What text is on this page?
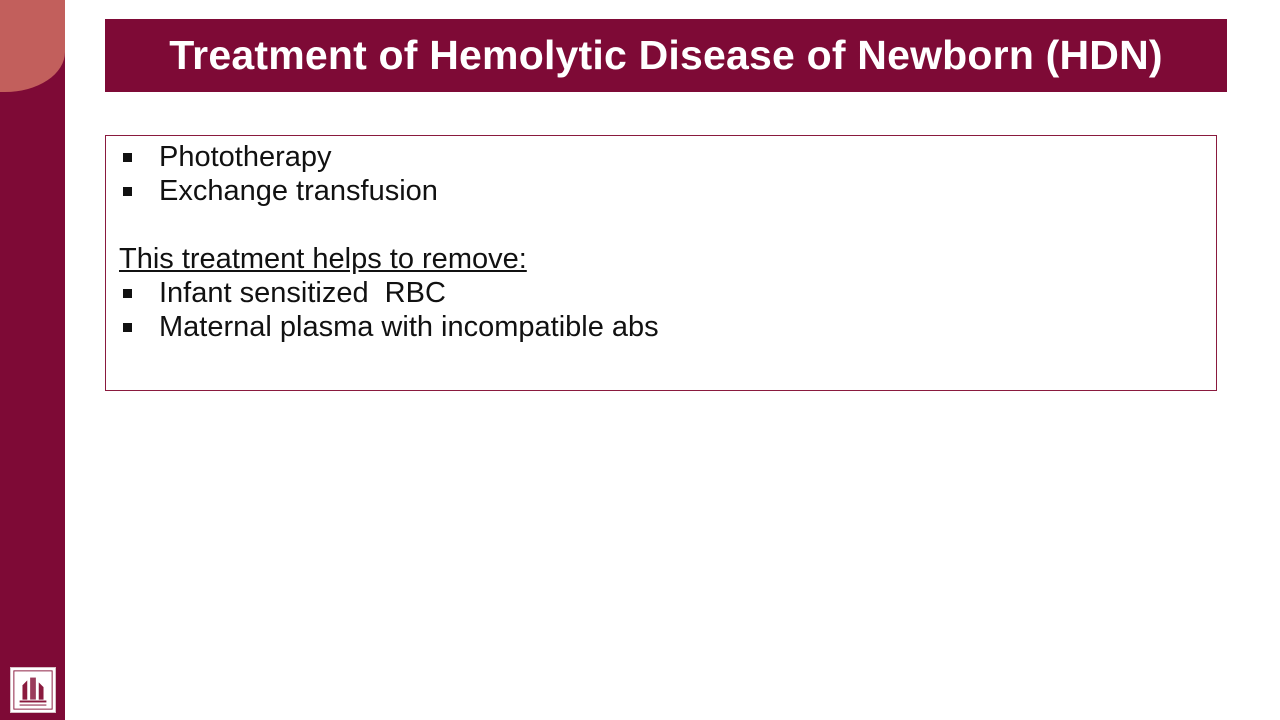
Treatment of Hemolytic Disease of Newborn (HDN)
Phototherapy
Exchange transfusion
This treatment helps to remove:
Infant sensitized  RBC
Maternal plasma with incompatible abs
